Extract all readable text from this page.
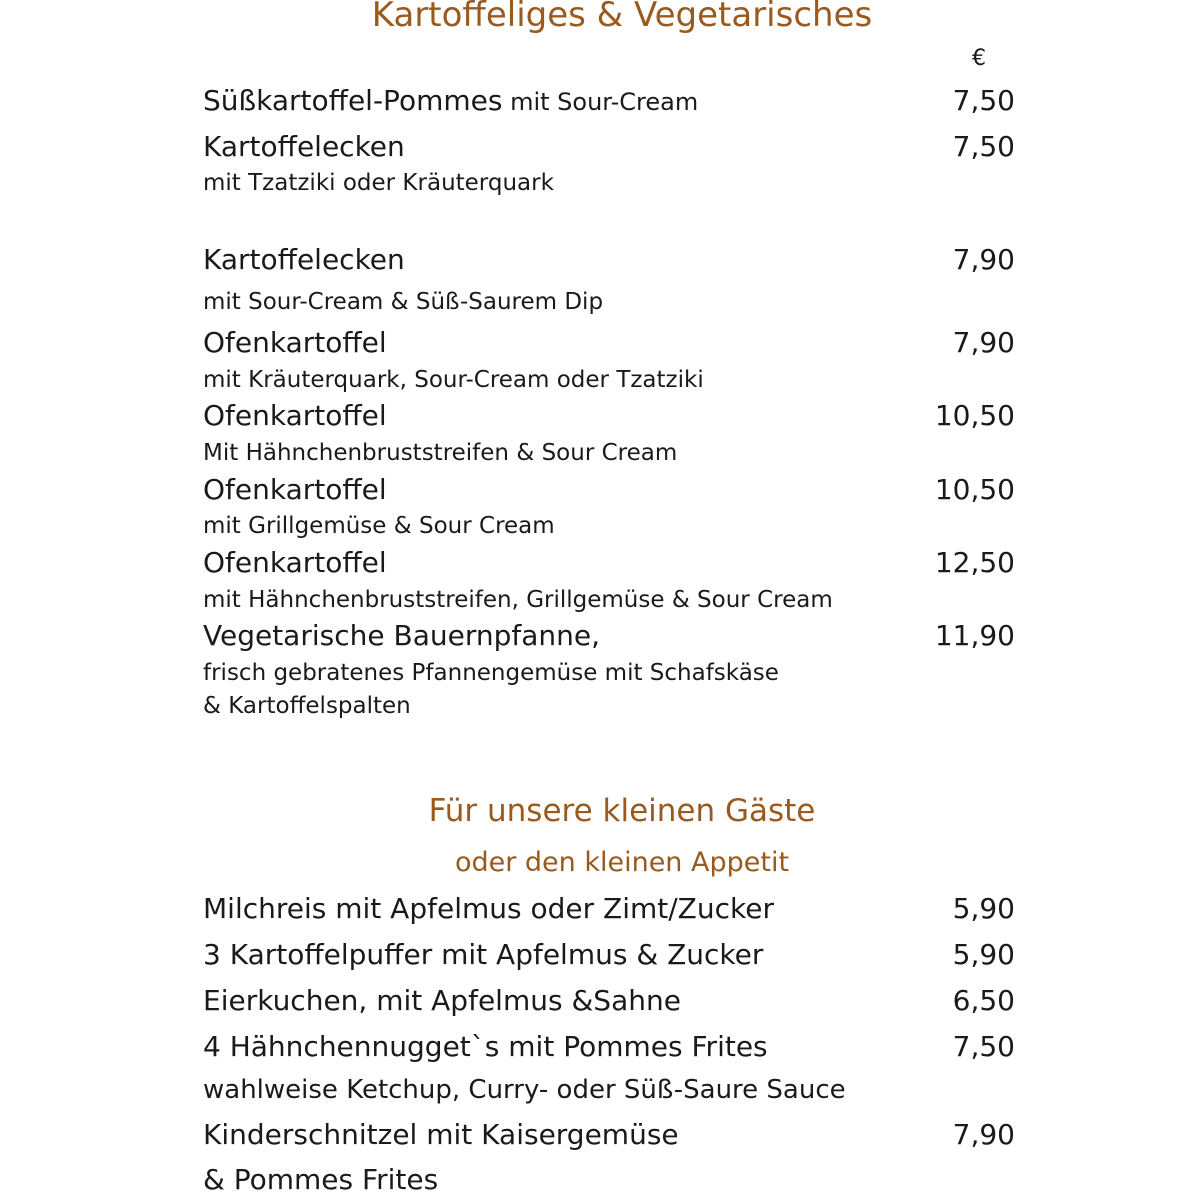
Kartoffeliges & Vegetarisches
€
Süßkartoffel-Pommes mit Sour-Cream	7,50
Kartoffelecken	7,50
mit Tzatziki oder Kräuterquark
Kartoffelecken	7,90
mit Sour-Cream & Süß-Saurem Dip
Ofenkartoffel	7,90
mit Kräuterquark, Sour-Cream oder Tzatziki
Ofenkartoffel	10,50
Mit Hähnchenbruststreifen & Sour Cream
Ofenkartoffel	10,50
mit Grillgemüse & Sour Cream
Ofenkartoffel	12,50
mit Hähnchenbruststreifen, Grillgemüse & Sour Cream
Vegetarische Bauernpfanne,	11,90
frisch gebratenes Pfannengemüse mit Schafskäse
& Kartoffelspalten
Für unsere kleinen Gäste
oder den kleinen Appetit
Milchreis mit Apfelmus oder Zimt/Zucker	5,90
3 Kartoffelpuffer mit Apfelmus & Zucker	5,90
Eierkuchen, mit Apfelmus &Sahne	6,50
4 Hähnchennugget`s mit Pommes Frites	7,50
wahlweise Ketchup, Curry- oder Süß-Saure Sauce
Kinderschnitzel mit Kaisergemüse	7,90
& Pommes Frites
